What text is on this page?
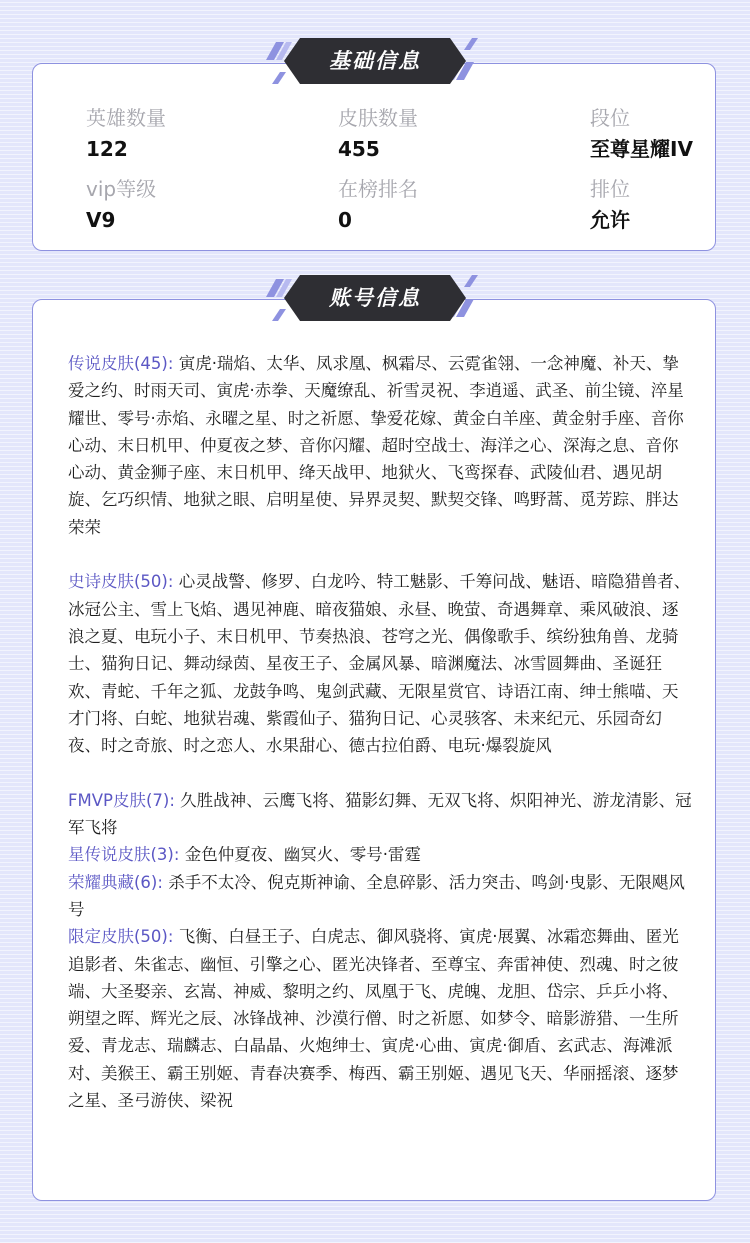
英雄数量
122
皮肤数量
455
段位
至尊星耀IV
vip等级
V9
在榜排名
0
排位
允许
基础信息
账号信息

传说皮肤(45): 寅虎·瑞焰、太华、凤求凰、枫霜尽、云霓雀翎、一念神魔、补天、挚爱之约、时雨天司、寅虎·赤拳、天魔缭乱、祈雪灵祝、李逍遥、武圣、前尘镜、淬星耀世、零号·赤焰、永曜之星、时之祈愿、挚爱花嫁、黄金白羊座、黄金射手座、音你心动、末日机甲、仲夏夜之梦、音你闪耀、超时空战士、海洋之心、深海之息、音你心动、黄金狮子座、末日机甲、绛天战甲、地狱火、飞鸾探春、武陵仙君、遇见胡旋、乞巧织情、地狱之眼、启明星使、异界灵契、默契交锋、鸣野蒿、觅芳踪、胖达荣荣

史诗皮肤(50): 心灵战警、修罗、白龙吟、特工魅影、千筹问战、魅语、暗隐猎兽者、冰冠公主、雪上飞焰、遇见神鹿、暗夜猫娘、永昼、晚萤、奇遇舞章、乘风破浪、逐浪之夏、电玩小子、末日机甲、节奏热浪、苍穹之光、偶像歌手、缤纷独角兽、龙骑士、猫狗日记、舞动绿茵、星夜王子、金属风暴、暗渊魔法、冰雪圆舞曲、圣诞狂欢、青蛇、千年之狐、龙鼓争鸣、鬼剑武藏、无限星赏官、诗语江南、绅士熊喵、天才门将、白蛇、地狱岩魂、紫霞仙子、猫狗日记、心灵骇客、未来纪元、乐园奇幻夜、时之奇旅、时之恋人、水果甜心、德古拉伯爵、电玩·爆裂旋风

FMVP皮肤(7): 久胜战神、云鹰飞将、猫影幻舞、无双飞将、炽阳神光、游龙清影、冠军飞将

星传说皮肤(3): 金色仲夏夜、幽冥火、零号·雷霆

荣耀典藏(6): 杀手不太冷、倪克斯神谕、全息碎影、活力突击、鸣剑·曳影、无限飓风号

限定皮肤(50): 飞衡、白昼王子、白虎志、御风骁将、寅虎·展翼、冰霜恋舞曲、匿光追影者、朱雀志、幽恒、引擎之心、匿光决锋者、至尊宝、奔雷神使、烈魂、时之彼端、大圣娶亲、玄嵩、神威、黎明之约、凤凰于飞、虎魄、龙胆、岱宗、乒乒小将、朔望之晖、辉光之辰、冰锋战神、沙漠行僧、时之祈愿、如梦令、暗影游猎、一生所爱、青龙志、瑞麟志、白晶晶、火炮绅士、寅虎·心曲、寅虎·御盾、玄武志、海滩派对、美猴王、霸王别姬、青春决赛季、梅西、霸王别姬、遇见飞天、华丽摇滚、逐梦之星、圣弓游侠、梁祝
